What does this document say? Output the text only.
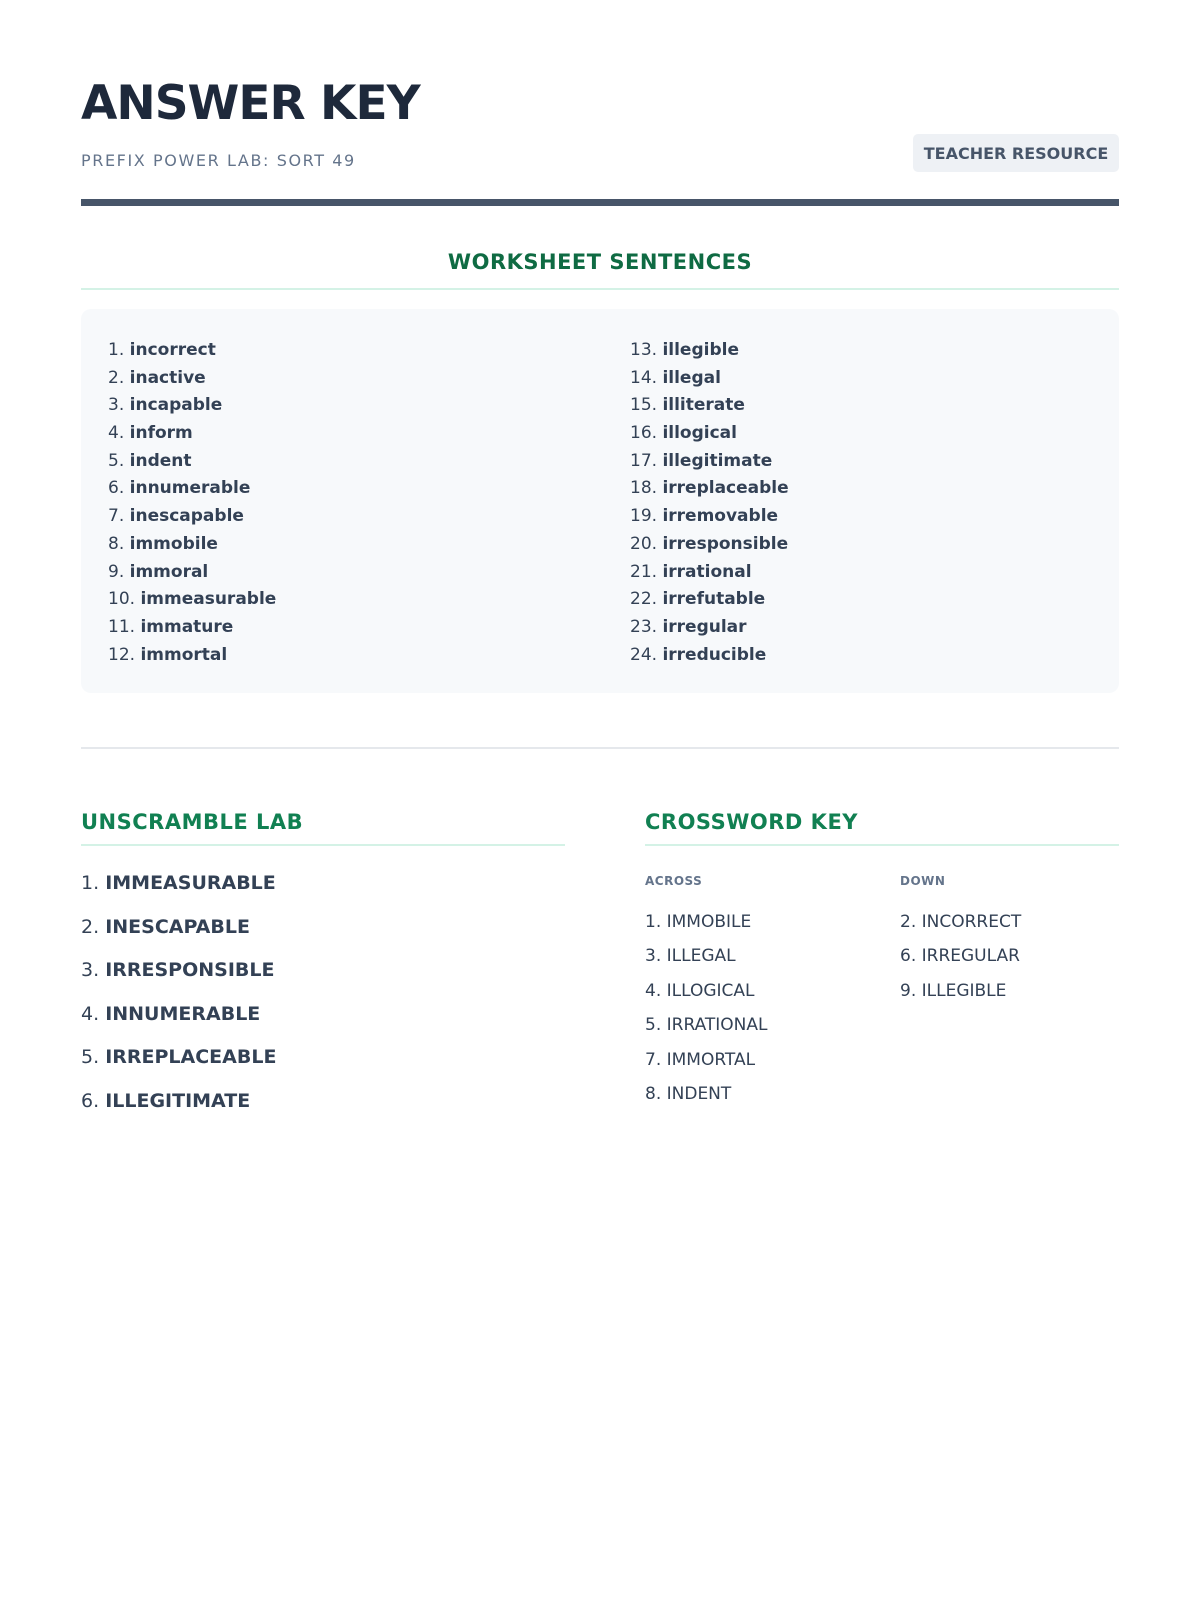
ANSWER KEY
PREFIX POWER LAB: SORT 49	TEACHER RESOURCE
WORKSHEET SENTENCES
1. incorrect
2. inactive
3. incapable
4. inform
5. indent
6. innumerable
7. inescapable
8. immobile
9. immoral
10. immeasurable
11. immature
12. immortal
13. illegible
14. illegal
15. illiterate
16. illogical
17. illegitimate
18. irreplaceable
19. irremovable
20. irresponsible
21. irrational
22. irrefutable
23. irregular
24. irreducible
UNSCRAMBLE LAB
1. IMMEASURABLE
2. INESCAPABLE
3. IRRESPONSIBLE
4. INNUMERABLE
5. IRREPLACEABLE
6. ILLEGITIMATE
CROSSWORD KEY
ACROSS	DOWN
1. IMMOBILE
3. ILLEGAL
4. ILLOGICAL
5. IRRATIONAL
7. IMMORTAL
8. INDENT
2. INCORRECT
6. IRREGULAR
9. ILLEGIBLE
